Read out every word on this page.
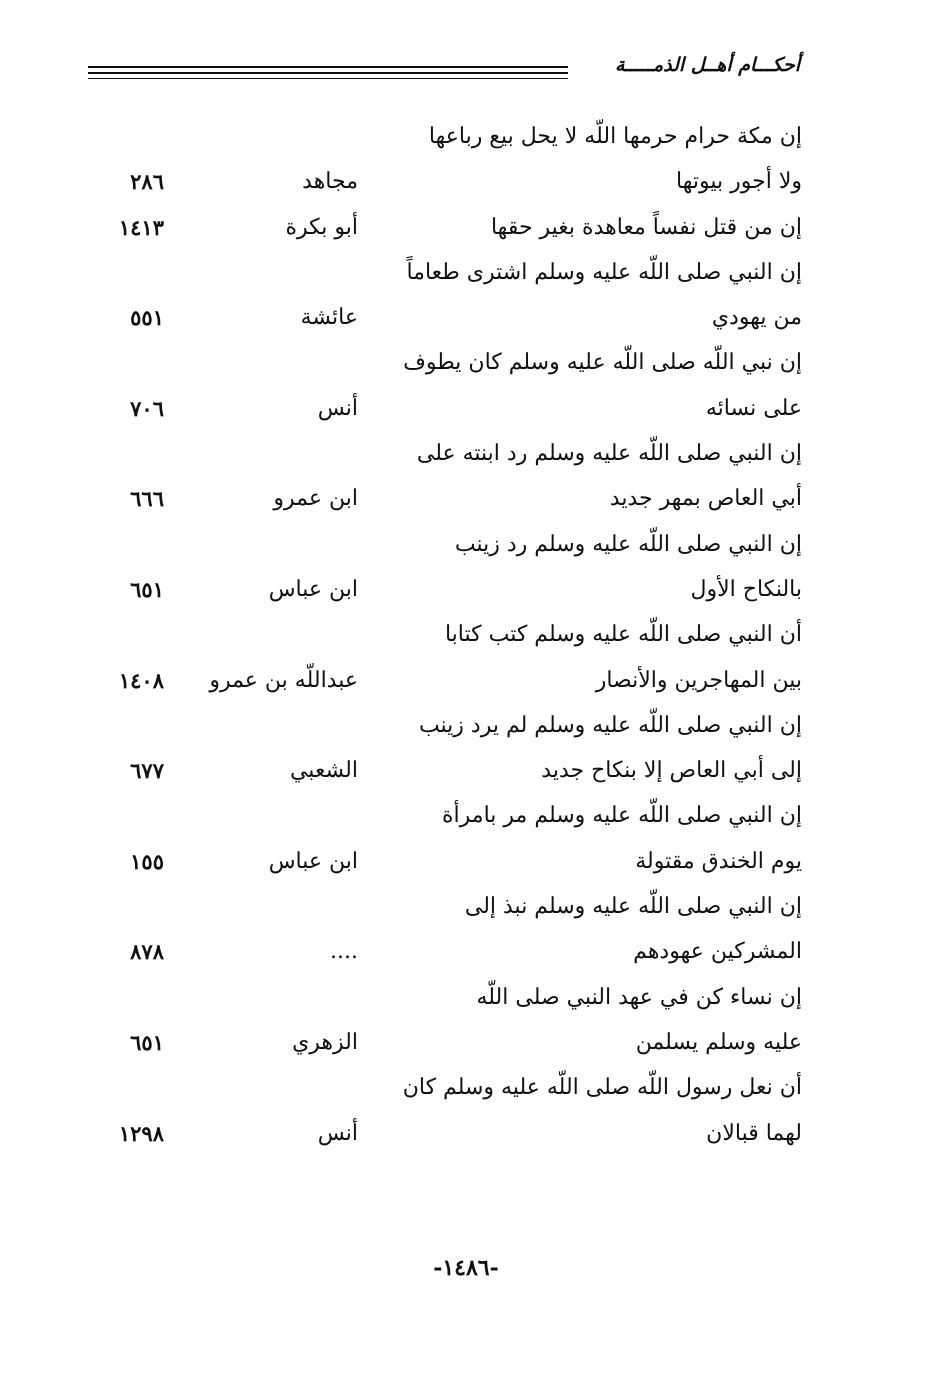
أحكـــام أهــل الذمـــــة
إن مكة حرام حرمها اللّه لا يحل بيع رباعها
ولا أجور بيوتها
مجاهد
٢٨٦
إن من قتل نفساً معاهدة بغير حقها
أبو بكرة
١٤١٣
إن النبي صلى اللّه عليه وسلم اشترى طعاماً
من يهودي
عائشة
٥٥١
إن نبي اللّه صلى اللّه عليه وسلم كان يطوف
على نسائه
أنس
٧٠٦
إن النبي صلى اللّه عليه وسلم رد ابنته على
أبي العاص بمهر جديد
ابن عمرو
٦٦٦
إن النبي صلى اللّه عليه وسلم رد زينب
بالنكاح الأول
ابن عباس
٦٥١
أن النبي صلى اللّه عليه وسلم كتب كتابا
بين المهاجرين والأنصار
عبداللّه بن عمرو
١٤٠٨
إن النبي صلى اللّه عليه وسلم لم يرد زينب
إلى أبي العاص إلا بنكاح جديد
الشعبي
٦٧٧
إن النبي صلى اللّه عليه وسلم مر بامرأة
يوم الخندق مقتولة
ابن عباس
١٥٥
إن النبي صلى اللّه عليه وسلم نبذ إلى
المشركين عهودهم
....
٨٧٨
إن نساء كن في عهد النبي صلى اللّه
عليه وسلم يسلمن
الزهري
٦٥١
أن نعل رسول اللّه صلى اللّه عليه وسلم كان
لهما قبالان
أنس
١٢٩٨
-١٤٨٦-
